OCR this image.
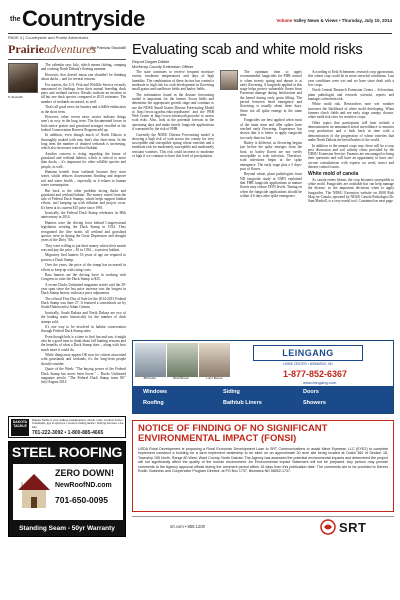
the Countryside	Volume Valley News & Views • Thursday, July 10, 2014
PAGE 4 | Countryside and Prairie Adventures
Prairieadventures
By Patricia Stockdill
P. Stockdill

The calendar says July, which means fishing, camping and cruising North Dakota's fleeting summer.

However, that doesn't mean one shouldn't be thinking about ducks – and for several reasons.

For starters, the U.S. Fish and Wildlife Service recently announced its findings from their annual breeding duck pairs and wetland surveys. Results indicate an increase in all but one duck species compared to 2013 estimates. The number of wetlands increased, as well.

That's all good news for hunters and wildlife enthusiasts in the short term.

However, other recent news stories indicate things aren't as rosy in the long term. The documented losses in both native prairie and grassland acreages enrolled in the federal Conservation Reserve Program add up.

In addition, even though much of North Dakota is thoroughly soaked with rain, that's also short-term. In the long term the number of drained wetlands is increasing, which also decreases waterfowl habitat.

Another concern is rising regarding the future of grassland and wetland habitat, which is critical to more than ducks – it's important for other wildlife species and people, as well.

Humans benefit from wetlands because they store water, which reduces downstream flooding and improve soil and water health – especially as it relates to human water consumption.

But back to the other problem facing ducks and grassland and wetland habitat. The money raised from the sale of Federal Duck Stamps, which helps support habitat efforts, isn't keeping up with inflation and project costs. It's been at its current $15 price since 1991.

Ironically, the Federal Duck Stamp celebrates its 80th anniversary in 2014.

Hunters were the driving force behind Congressional legislation creating the Duck Stamp in 1934. They recognized the dire straits all wetland and grassland species were in during the Great Depression and drought years of the Dirty '30s.

They were willing to put their money where their mouth was and pay the price – $1 in 1934 – to protect habitat.

Migratory bird hunters 16 years of age are required to possess a Duck Stamp.

Over the years, the price of the stamp has increased in efforts to keep up with rising costs.

Bass hunters are the driving force in working with Congress to raise the Duck Stamp to $25.

A recent Ducks Unlimited magazine article said the 29-year span since the last price increase was the longest in Duck Stamp history without a price adjustment.

The official First Day of Sale for the 2014-2015 Federal Duck Stamp was June 27. It featured a canvasback art by South Dakota artist Adam Grimm.

Ironically, South Dakota and North Dakota are two of the leading states historically for the number of duck stamps sold.

It's one way to be involved in habitat conservation through Federal Duck Stamp sales.

Even though kids is a time to find fun and sun, it might also be a good time to think about fall hunting seasons and the benefits of what a Duck Stamp does – along with how much more it could do.

While things may appear OK now for critters associated with grasslands and wetlands, it's the long-term people should consider.

Quote of the Week: "The buying power of the Federal Duck Stamp has never been lower." – Ducks Unlimited magazine article, "The Federal Duck Stamp turns 80." July/August 2014

Evaluating scab and white mold risks
Report Dugan Dibble
McHenry County Extension Officer

The state continues to receive frequent moisture events, moderate temperatures and days of high humidity. The combination of these factors has created a moderate to high risk for scab development in flowering small grains and sunflower fields and barley fields.

The information found in the disease forecasting model is important for the farmer. Scout fields and determine the appropriate growth stage and continue to use the NDSU Small Grains Disease Forecasting Model at http://www.ag.ndsu.edu/cropdisease/ and the PRB Web Center at http://www.wheatscab.psu.edu/ to assess scab risks. Also, look at the potential forecast in the upcoming days and make timely fungicide applications if warranted by the risk of FHB.

Currently the NDSU Disease Forecasting model is showing a high risk of scab across the county for very susceptible and susceptible spring wheat varieties and a moderate risk for moderately susceptible and moderately resistant varieties. This risk could increase to moderate or high if we continue to have this level of precipitation.

The optimum time to apply recommended fungicides for FHB control is when twenty spring and durum is at early flowering. A fungicide applied at this stage helps protect vulnerable florets from Fusarium damage during fertilization and the kernel during early grain filling. The period between head emergence and flowering is usually about three days. Since not all spike emerge at the same time.

Fungicides are best applied when most of the main stem and tiller spikes have reached early flowering. Experience has shown that it is better to apply fungicide too early than too late.

Barley is different, as flowering begins just before the spike emerges from the boot, so barley florets are not overly susceptible to scab infection. Therefore, scab infections begin at the spike emergence. The early stage plus a 5 days-post of flower.

Beyond wheat, plant pathologists from ND fungicide study at UMN explained that FHB fungicide applications in mature florets may reduce DON levels. Timing on when the fungicide applications should be within 4-6 days after spike emergence.

According to Erik Schemmer, research crop agronomist, this wheat crop could be in more stressful conditions. Last year conditions were wet and we have since dealt with a few crops.

North Central Research Extension Center – Sclerotinia, plant pathologist and research scientist, reports and manages sclerotinia risk.

White mold risk. Researchers note wet weather increases the likelihood of white mold developing. When farmers check fields and see early stage canopy closure, white mold risk rises for sensitive crops.

Other topics that participants will hear include a demonstration on unmanned aerial surveillance to monitor crop production and a look back in time with a demonstration of the progression of wheat varieties that make North Dakota the bread basket of the world.

In addition to the annual crops tour, there will be a crop pest discussion and soil salinity clinic provided by the NDSU Extension Service. Farmers are encouraged to bring their questions and will have an opportunity to have one-on-one consultations with experts on weed, insect and disease control issues.

White mold of canola

As canola enters bloom, the crop becomes susceptible to white mold. Fungicides are available but can help manage the disease, so the important decisions when to apply fungicides. The NDSU Extension website on 2008 Risk Map for Canola, operated by NDSU Canola Pathologist Dr. Sam Markell, is a very useful tool. Continued on next page

Bill Keller	Brad Brown	Lorin Boone
LEINGANG
HOME CENTER • BISMARCK, ND
1-877-852-6367
www.leingang.com
Windows	Siding	Doors
Roofing	Bathtub Liners	Showers
NOTICE OF FINDING OF NO SIGNIFICANT ENVIRONMENTAL IMPACT (FONSI)
USDA Rural Development is proposing a Rural Economic Development Loan to SRT Communications to assist Minot Eyewear, LLC (EYE2) to complete Implement construct a building for a farm implement dealership to be sited on an approximate 30 acre site being located at Outlot 360 of Section 18, Township 155 North, Range 80 West, Ward County, North Dakota. The Agency has assessed the potential environmental impacts and determined the project will not significantly affect the quality of the human environment. An Environmental Impact Statement will not be prepared. Any person may provide comments to the Agency approval official during the comment period within 15 days from this publication date. The comments are to be provided to Dennis Rodin, Business and Cooperative Program Director, at PO Box 1737, Bismarck ND 58502-1737.
DAKOTA TACKLE
Dakota Tackle is your walleye headquarters • Rods, reels, combos & line • Crankbaits, jigs & spinners • Custom trolling tackle • Fishing licenses, Live bait
701-222-3092 • 1-800-885-4665
STEEL ROOFING
ZERO DOWN!
NewRoofND.com
701-650-0095
Standing Seam - 50yr Warranty	srt.com • 858.1200	SRT
